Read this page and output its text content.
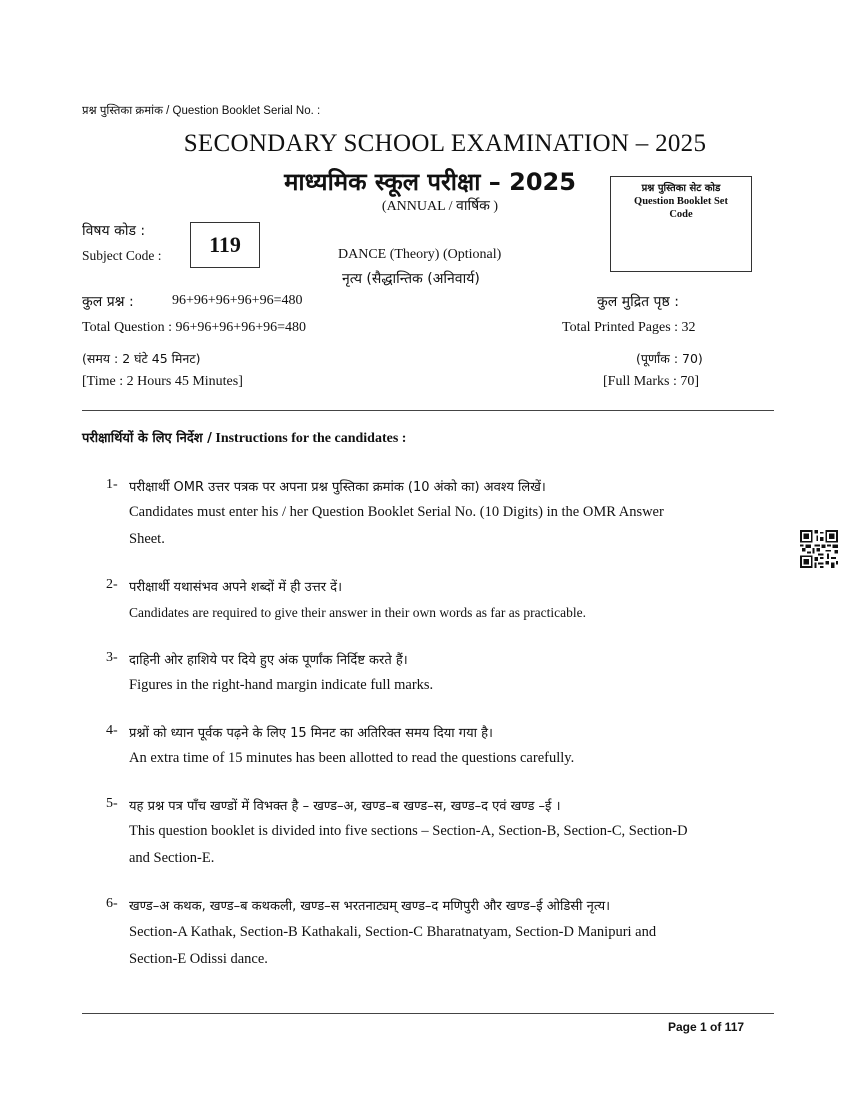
प्रश्न पुस्तिका क्रमांक / Question Booklet Serial No. :
SECONDARY SCHOOL EXAMINATION – 2025
माध्यमिक स्कूल परीक्षा – 2025
(ANNUAL / वार्षिक )
प्रश्न पुस्तिका सेट कोड
Question Booklet Set
Code
विषय कोड :
Subject Code :	119	DANCE (Theory) (Optional)
नृत्य (सैद्धान्तिक (अनिवार्य)
कुल प्रश्न :	96+96+96+96+96=480	कुल मुद्रित पृष्ठ :
Total Question : 96+96+96+96+96=480	Total Printed Pages : 32
(समय : 2 घंटे 45 मिनट)	(पूर्णांक : 70)
[Time : 2 Hours 45 Minutes]	[Full Marks : 70]
परीक्षार्थियों के लिए निर्देश / Instructions for the candidates :
1- परीक्षार्थी OMR उत्तर पत्रक पर अपना प्रश्न पुस्तिका क्रमांक (10 अंको का) अवश्य लिखें।
Candidates must enter his / her Question Booklet Serial No. (10 Digits) in the OMR Answer
Sheet.
2- परीक्षार्थी यथासंभव अपने शब्दों में ही उत्तर दें।
Candidates are required to give their answer in their own words as far as practicable.
3- दाहिनी ओर हाशिये पर दिये हुए अंक पूर्णांक निर्दिष्ट करते हैं।
Figures in the right-hand margin indicate full marks.
4- प्रश्नों को ध्यान पूर्वक पढ़ने के लिए 15 मिनट का अतिरिक्त समय दिया गया है।
An extra time of 15 minutes has been allotted to read the questions carefully.
5- यह प्रश्न पत्र पाँच खण्डों में विभक्त है – खण्ड–अ, खण्ड–ब खण्ड–स, खण्ड–द एवं खण्ड –ई ।
This question booklet is divided into five sections – Section-A, Section-B, Section-C, Section-D
and Section-E.
6- खण्ड–अ कथक, खण्ड–ब कथकली, खण्ड–स भरतनाट्यम् खण्ड–द मणिपुरी और खण्ड–ई ओडिसी नृत्य।
Section-A Kathak, Section-B Kathakali, Section-C Bharatnatyam, Section-D Manipuri and
Section-E Odissi dance.
Page 1 of 117
